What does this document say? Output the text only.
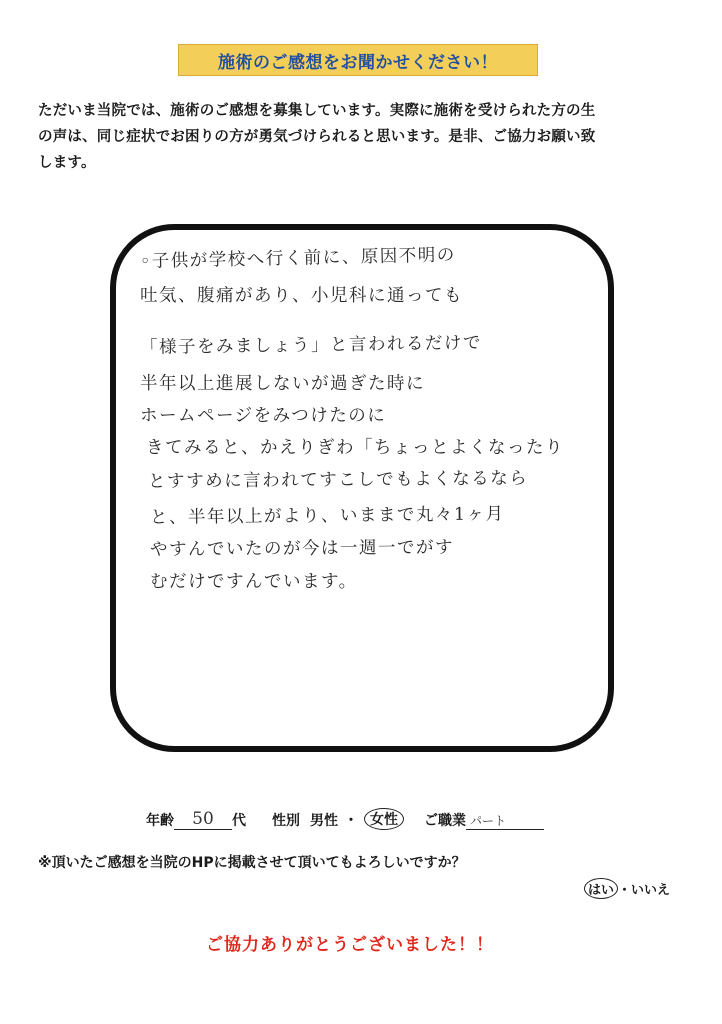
施術のご感想をお聞かせください！
ただいま当院では、施術のご感想を募集しています。実際に施術を受けられた方の生
の声は、同じ症状でお困りの方が勇気づけられると思います。是非、ご協力お願い致
します。
◦子供が学校へ行く前に、原因不明の
吐気、腹痛があり、小児科に通っても
「様子をみましょう」と言われるだけで
半年以上進展しないが過ぎた時に
ホームページをみつけたのに
きてみると、かえりぎわ「ちょっとよくなったり
とすすめに言われてすこしでもよくなるなら
と、半年以上がより、いままで丸々1ヶ月
やすんでいたのが今は一週一でがす
むだけですんでいます。
年齢	50	代 性別 男性 ・ 女性	ご職業 パート
※頂いたご感想を当院のHPに掲載させて頂いてもよろしいですか？
はい ・いいえ
ご協力ありがとうございました！！
